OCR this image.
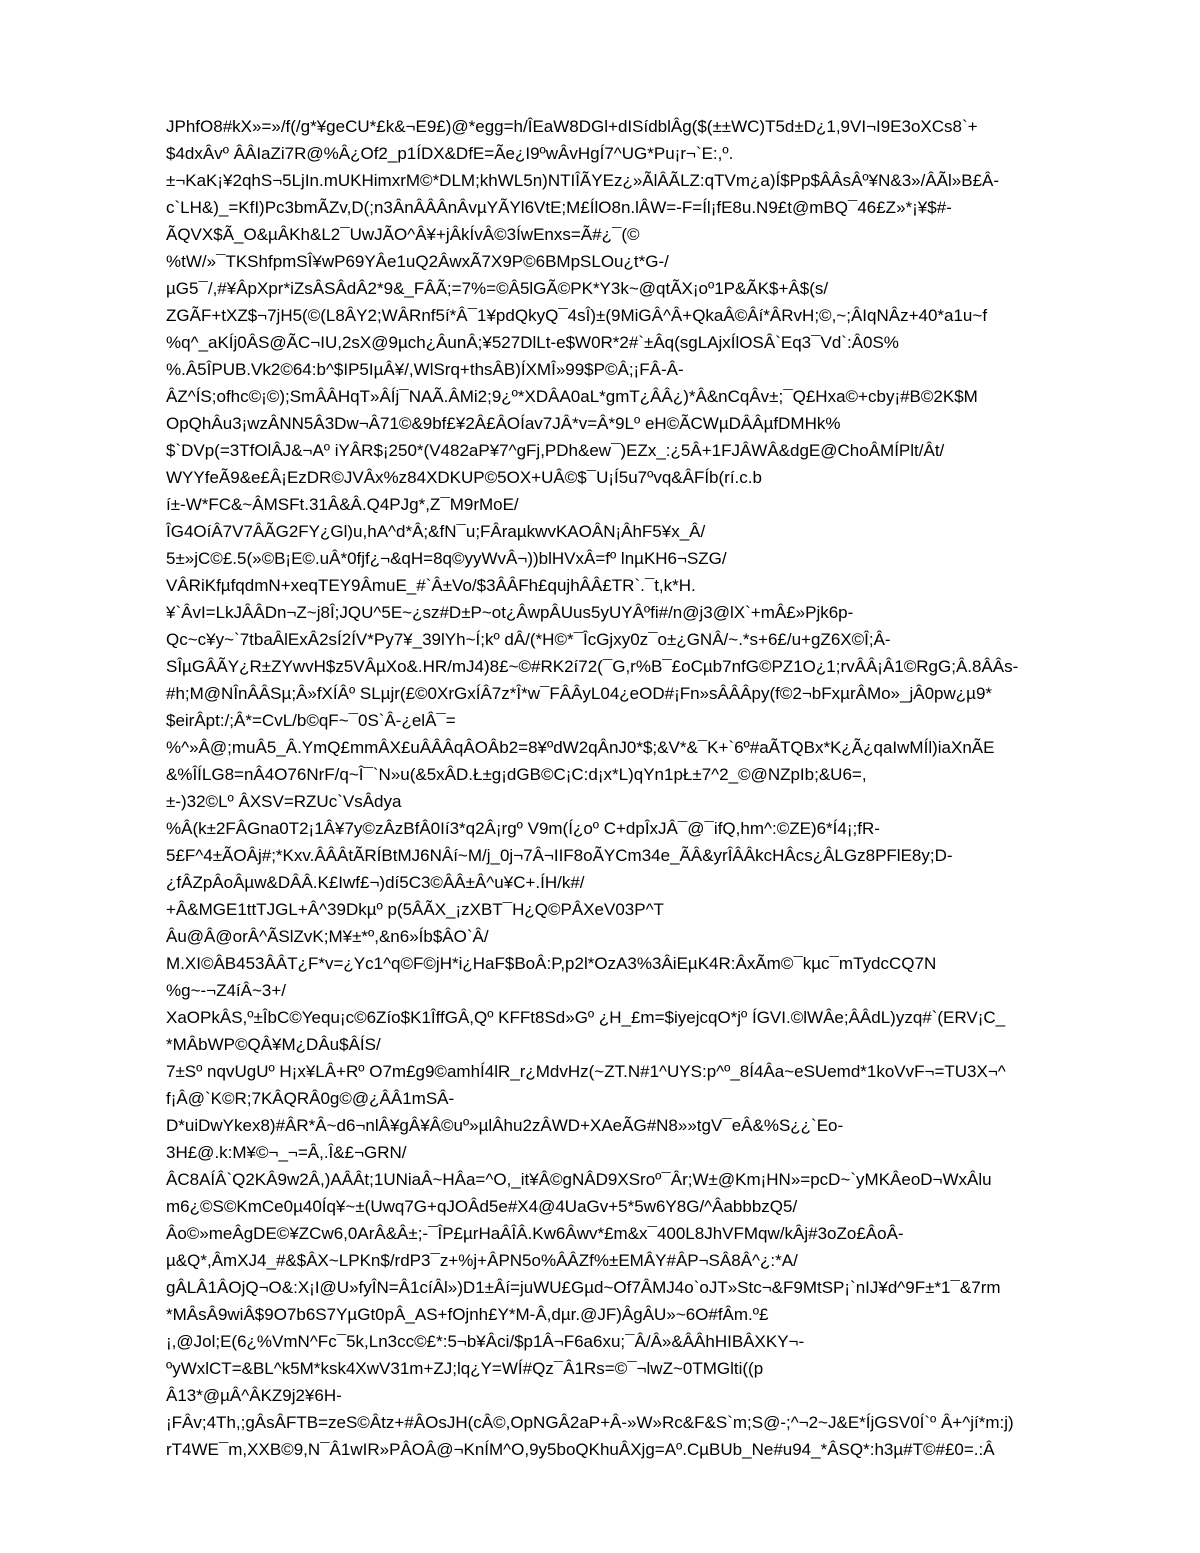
JPhfO8#kX»=»/f(/g*¥geCU*£k&¬E9£)@*egg=h/ÎEaW8DGl+dISídblÂg($(±±WC)T5d±D¿1,9VI¬I9E3oXCs8`+
$4dxÂvº ÂÂIaZi7R@%Â¿Of2_p1ÍDX&DfE=Ãe¿I9ºwÂvHgÍ7^UG*Pu¡r¬`E:,º.
±¬KaK¡¥2qhS¬5LjIn.mUKHimxrM©*DLM;khWL5n)NTIÎÃYEz¿»ÃlÂÃLZ:qTVm¿a)Í$Pp$ÂÂsÂº¥N&3»/ÂÃl»B£Â-
c`LH&)_=KfI)Pc3bmÃZv,D(;n3ÂnÂÂÂnÂvµYÃYl6VtE;M£ÍlO8n.lÂW=-F=Íl¡fE8u.N9£t@mBQ¯46£Z»*¡¥$#-
ÃQVX$Ã_O&µÂKh&L2¯UwJÃO^Â¥+jÂkÍvÂ©3ÍwEnxs=Ã#¿¯(©
%tW/»¯TKShfpmSÎ¥wP69YÂe1uQ2ÂwxÃ7X9P©6BMpSLOu¿t*G-/
µG5¯/,#¥ÂpXpr*iZsÂSÂdÂ2*9&_FÂÃ;=7%=©Â5lGÃ©PK*Y3k~@qtÃX¡oº1P&ÃK$+Â$(s/
ZGÃF+tXZ$¬7jH5(©(L8ÂY2;WÂRnf5í*Â¯1¥pdQkyQ¯4sÎ)±(9MiGÂ^Â+QkaÂ©Âí*ÂRvH;©,~;ÂIqNÂz+40*a1u~f
%q^_aKÍj0ÂS@ÃC¬IU,2sX@9µch¿ÂunÂ;¥527DlLt-e$W0R*2#`±Âq(sgLAjxÍlOSÂ`Eq3¯Vd`:Â0S%
%.Â5ÎPUB.Vk2©64:b^$IP5IµÂ¥/,WlSrq+thsÂB)ÍXMÎ»99$P©Â;¡FÂ-Â-
ÂZ^ÍS;ofhc©¡©);SmÂÂHqT»ÂÍj¯NAÃ.ÂMi2;9¿º*XDÂA0aL*gmT¿ÂÂ¿)*Â&nCqÂv±;¯Q£Hxa©+cby¡#B©2K$M
OpQhÂu3¡wzÂNN5Â3Dw¬Â71©&9bf£¥2Â£ÂOÍav7JÂ*v=Â*9Lº eH©ÃCWµDÂÂµfDMHk%
$`DVp(=3TfOlÂJ&¬Aº iYÂR$¡250*(V482aP¥7^gFj,PDh&ew¯)EZx_:¿5Â+1FJÂWÂ&dgE@ChoÂMÍPlt/Ât/
WYYfeÃ9&e£Â¡EzDR©JVÂx%z84XDKUP©5OX+UÂ©$¯U¡Í5u7ºvq&ÂFÍb(rí.c.b
í±-W*FC&~ÂMSFt.31Â&Â.Q4PJg*,Z¯M9rMoE/
ÎG4OíÂ7V7ÂÃG2FY¿Gl)u,hA^d*Â;&fN¯u;FÂraµkwvKAOÂN¡ÂhF5¥x_Â/
5±»jC©£.5(»©B¡E©.uÂ*0fjf¿¬&qH=8q©yyWvÂ¬))blHVxÂ=fº lnµKH6¬SZG/
VÂRiKfµfqdmN+xeqTEY9ÂmuE_#`Â±Vo/$3ÂÂFh£qujhÂÂ£TR`.¯t,k*H.
¥`ÂvI=LkJÂÂDn¬Z~j8Î;JQU^5E~¿sz#D±P~ot¿ÂwpÂUus5yUYÂºfi#/n@j3@lX`+mÂ£»Pjk6p-
Qc~c¥y~`7tbaÂlExÂ2sÍ2ÍV*Py7¥_39lYh~Í;kº dÂ/(*H©*¯ÎcGjxy0z¯o±¿GNÂ/~.*s+6£/u+gZ6X©Î;Â-
SÎµGÂÃY¿R±ZYwvH$z5VÂµXo&.HR/mJ4)8£~©#RK2í72(¯G,r%B¯£oCµb7nfG©PZ1O¿1;rvÂÂ¡Â1©RgG;Â.8ÂÂs-
#h;M@NÎnÂÂSµ;Â»fXÍÂº SLµjr(£©0XrGxÍÂ7z*Î*w¯FÂÂyL04¿eOD#¡Fn»sÂÂÂpy(f©2¬bFxµrÂMo»_jÂ0pw¿µ9*
$eirÂpt:/;Â*=CvL/b©qF~¯0S`Â-¿elÂ¯=
%^»Â@;muÂ5_Â.YmQ£mmÂX£uÂÂÂqÂOÂb2=8¥ºdW2qÂnJ0*$;&V*&¯K+`6º#aÃTQBx*K¿Ã¿qaIwMÍl)iaXnÃE
&%ÎÍLG8=nÂ4O76NrF/q~Î¯`N»u(&5xÂD.Ł±g¡dGB©C¡C:d¡x*L)qYn1pŁ±7^2_©@NZpIb;&U6=,
±-)32©Lº ÂXSV=RZUc`VsÂdya
%Â(k±2FÂGna0T2¡1Â¥7y©zÂzBfÂ0Ií3*q2Â¡rgº V9m(Í¿oº C+dpÎxJÂ¯@¯ifQ,hm^:©ZE)6*Í4¡;fR-
5£F^4±ÃOÂj#;*Kxv.ÂÂÂtÃRÍBtMJ6NÂí~M/j_0j¬7Â¬IIF8oÃYCm34e_ÃÂ&yrÎÂÂkcHÂcs¿ÂLGz8PFlE8y;D-
¿fÂZpÂoÂµw&DÂÂ.K£Iwf£¬)dí5C3©ÂÂ±Â^u¥C+.ÍH/k#/
+Â&MGE1ttTJGL+Â^39Dkµº p(5ÂÃX_¡zXBT¯H¿Q©PÂXeV03P^T
Âu@Â@orÂ^ÃSlZvK;M¥±*º,&n6»Íb$ÂO`Â/
M.XI©ÂB453ÂÂT¿F*v=¿Yc1^q©F©jH*i¿HaF$BoÂ:P,p2l*OzA3%3ÂiEµK4R:ÂxÃm©¯kµc¯mTydcCQ7N
%g~-¬Z4íÂ~3+/
XaOPkÂS,º±ÎbC©Yequ¡c©6Zío$K1ÎffGÂ,Qº KFFt8Sd»Gº ¿H_£m=$iyejcqO*jº ÍGVI.©lWÂe;ÂÂdL)yzq#`(ERV¡C_
*MÂbWP©QÂ¥M¿DÂu$ÂÍS/
7±Sº nqvUgUº H¡x¥LÂ+Rº O7m£g9©amhÍ4lR_r¿MdvHz(~ZT.N#1^UYS:p^º_8Í4Âa~eSUemd*1koVvF¬=TU3X¬^
f¡Â@`K©R;7KÂQRÂ0g©@¿ÂÂ1mSÂ-
D*uiDwYkex8)#ÂR*Â~d6¬nlÂ¥gÂ¥Â©uº»µlÂhu2zÂWD+XAeÃG#N8»»tgV¯eÂ&%S¿¿`Eo-
3H£@.k:M¥©¬_¬=Â,.Î&£¬GRN/
ÂC8AÍÂ`Q2KÂ9w2Â,)AÂÂt;1UNiaÂ~HÂa=^O,_it¥Â©gNÂD9XSroº¯Âr;W±@Km¡HN»=pcD~`yMKÂeoD¬WxÂlu
m6¿©S©KmCe0µ40Íq¥~±(Uwq7G+qJOÂd5e#X4@4UaGv+5*5w6Y8G/^ÂabbbzQ5/
Âo©»meÂgDE©¥ZCw6,0ArÂ&Â±;-¯ÎP£µrHaÂÎÂ.Kw6Âwv*£m&x¯400L8JhVFMqw/kÂj#3oZo£ÂoÂ-
µ&Q*,ÂmXJ4_#&$ÂX~LPKn$/rdP3¯z+%j+ÂPN5o%ÂÂZf%±EMÂY#ÂP¬SÂ8Â^¿:*A/
gÂLÂ1ÂOjQ¬O&:X¡I@U»fyÎN=Â1cíÂl»)D1±Âí=juWU£Gµd~Of7ÂMJ4o`oJT»Stc¬&F9MtSP¡`nIJ¥d^9F±*1¯&7rm
*MÂsÂ9wiÂ$9O7b6S7YµGt0pÂ_AS+fOjnh£Y*M-Â,dµr.@JF)ÂgÂU»~6O#fÂm.º£
¡,@Jol;E(6¿%VmN^Fc¯5k,Ln3cc©£*:5¬b¥Âci/$p1Â¬F6a6xu;¯Â/Â»&ÂÂhHIBÂXKY¬-
ºyWxlCT=&BL^k5M*ksk4XwV31m+ZJ;lq¿Y=WÍ#Qz¯Â1Rs=©¯¬lwZ~0TMGlti((p
Â13*@µÂ^ÂKZ9j2¥6H-
¡FÂv;4Th,;gÂsÂFTB=zeS©Âtz+#ÂOsJH(cÂ©,OpNGÂ2aP+Â-»W»Rc&F&S`m;S@-;^¬2~J&E*ÍjGSV0Í`º Â+^jí*m:j)
rT4WE¯m,XXB©9,N¯Â1wIR»PÂOÂ@¬KnÍM^O,9y5boQKhuÂXjg=Aº.CµBUb_Ne#u94_*ÂSQ*:h3µ#T©#£0=.:Â
